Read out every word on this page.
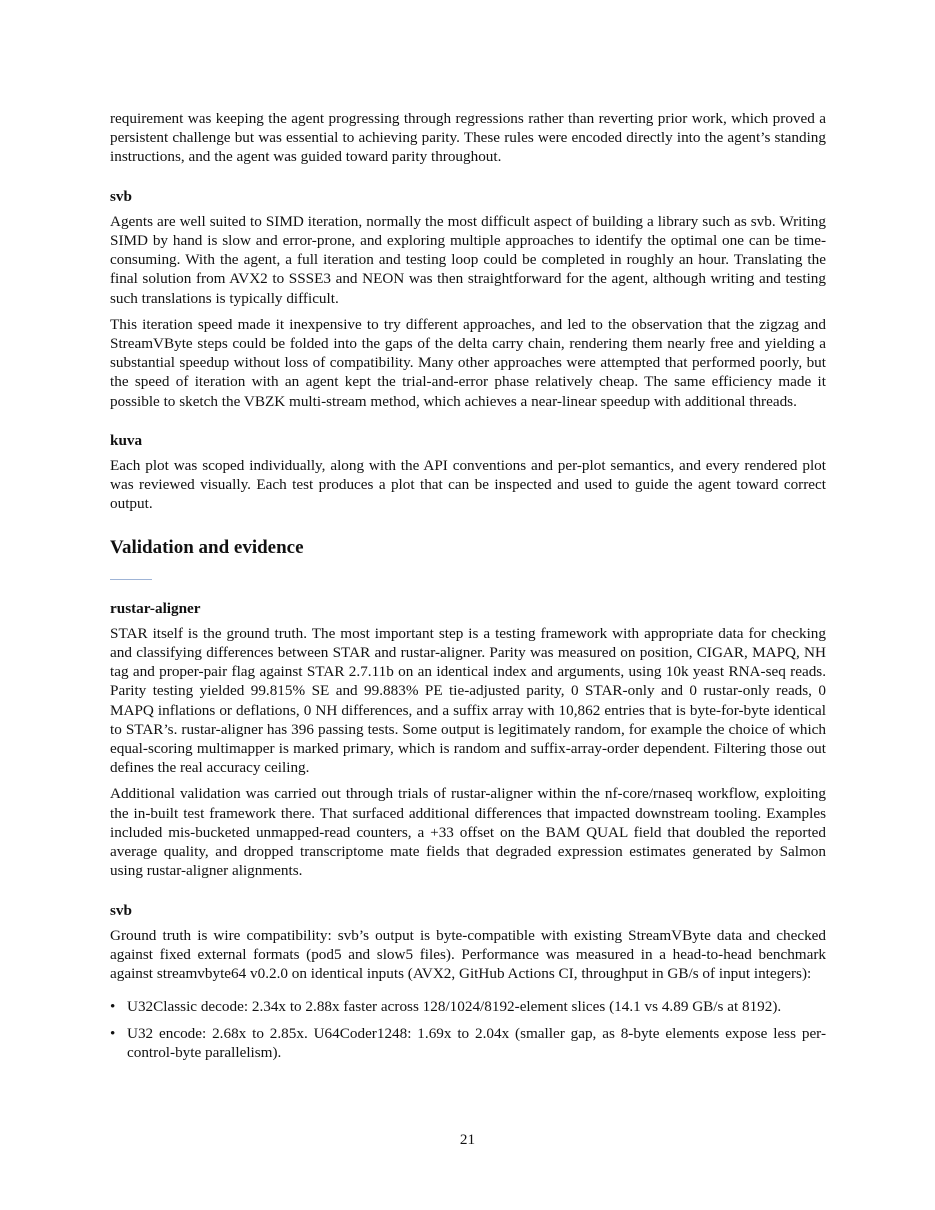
requirement was keeping the agent progressing through regressions rather than reverting prior work, which proved a persistent challenge but was essential to achieving parity. These rules were encoded directly into the agent’s standing instructions, and the agent was guided toward parity throughout.

svb

Agents are well suited to SIMD iteration, normally the most difficult aspect of building a library such as svb. Writing SIMD by hand is slow and error-prone, and exploring multiple approaches to identify the optimal one can be time-consuming. With the agent, a full iteration and testing loop could be completed in roughly an hour. Translating the final solution from AVX2 to SSSE3 and NEON was then straightforward for the agent, although writing and testing such translations is typically difficult.

This iteration speed made it inexpensive to try different approaches, and led to the observation that the zigzag and StreamVByte steps could be folded into the gaps of the delta carry chain, rendering them nearly free and yielding a substantial speedup without loss of compatibility. Many other approaches were attempted that performed poorly, but the speed of iteration with an agent kept the trial-and-error phase relatively cheap. The same efficiency made it possible to sketch the VBZK multi-stream method, which achieves a near-linear speedup with additional threads.

kuva

Each plot was scoped individually, along with the API conventions and per-plot semantics, and every rendered plot was reviewed visually. Each test produces a plot that can be inspected and used to guide the agent toward correct output.

Validation and evidence
rustar-aligner

STAR itself is the ground truth. The most important step is a testing framework with appropriate data for checking and classifying differences between STAR and rustar-aligner. Parity was measured on position, CIGAR, MAPQ, NH tag and proper-pair flag against STAR 2.7.11b on an identical index and arguments, using 10k yeast RNA-seq reads. Parity testing yielded 99.815% SE and 99.883% PE tie-adjusted parity, 0 STAR-only and 0 rustar-only reads, 0 MAPQ inflations or deflations, 0 NH differences, and a suffix array with 10,862 entries that is byte-for-byte identical to STAR’s. rustar-aligner has 396 passing tests. Some output is legitimately random, for example the choice of which equal-scoring multimapper is marked primary, which is random and suffix-array-order dependent. Filtering those out defines the real accuracy ceiling.

Additional validation was carried out through trials of rustar-aligner within the nf-core/rnaseq workflow, exploiting the in-built test framework there. That surfaced additional differences that impacted downstream tooling. Examples included mis-bucketed unmapped-read counters, a +33 offset on the BAM QUAL field that doubled the reported average quality, and dropped transcriptome mate fields that degraded expression estimates generated by Salmon using rustar-aligner alignments.

svb

Ground truth is wire compatibility: svb’s output is byte-compatible with existing StreamVByte data and checked against fixed external formats (pod5 and slow5 files). Performance was measured in a head-to-head benchmark against streamvbyte64 v0.2.0 on identical inputs (AVX2, GitHub Actions CI, throughput in GB/s of input integers):

• U32Classic decode: 2.34x to 2.88x faster across 128/1024/8192-element slices (14.1 vs 4.89 GB/s at 8192).
• U32 encode: 2.68x to 2.85x. U64Coder1248: 1.69x to 2.04x (smaller gap, as 8-byte elements expose less per-control-byte parallelism).
21
